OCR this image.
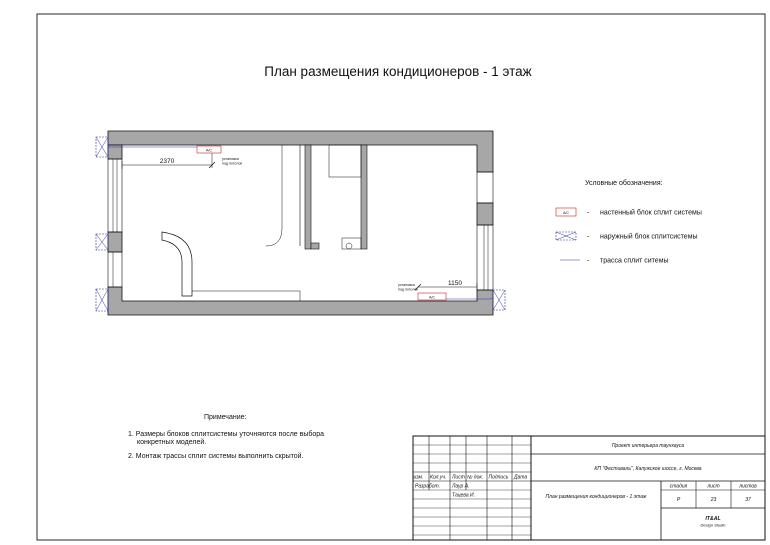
План размещения кондиционеров - 1 этаж
A/C
A/C
2370
1150
установка
под потолок
установка
под потолок
Условные обозначения:
A/C	- настенный блок сплит системы
- наружный блок сплитсистемы
- трасса сплит ситемы
Примечание:
1. Размеры блоков сплитсистемы уточняются после выбора
конкретных моделей.
2. Монтаж трассы сплит системы выполнить скрытой.
изм. Кол.уч. Лист № док. Подпись Дата
Разработ. Лаур А.
Тацева И.
Проект интерьера таунхауса
КП "Фестиваль", Калужское шоссе, г. Москва
План размещения кондиционеров - 1 этаж
стадия	лист	листов
Р	23	37
IT&AL
Design Studio
